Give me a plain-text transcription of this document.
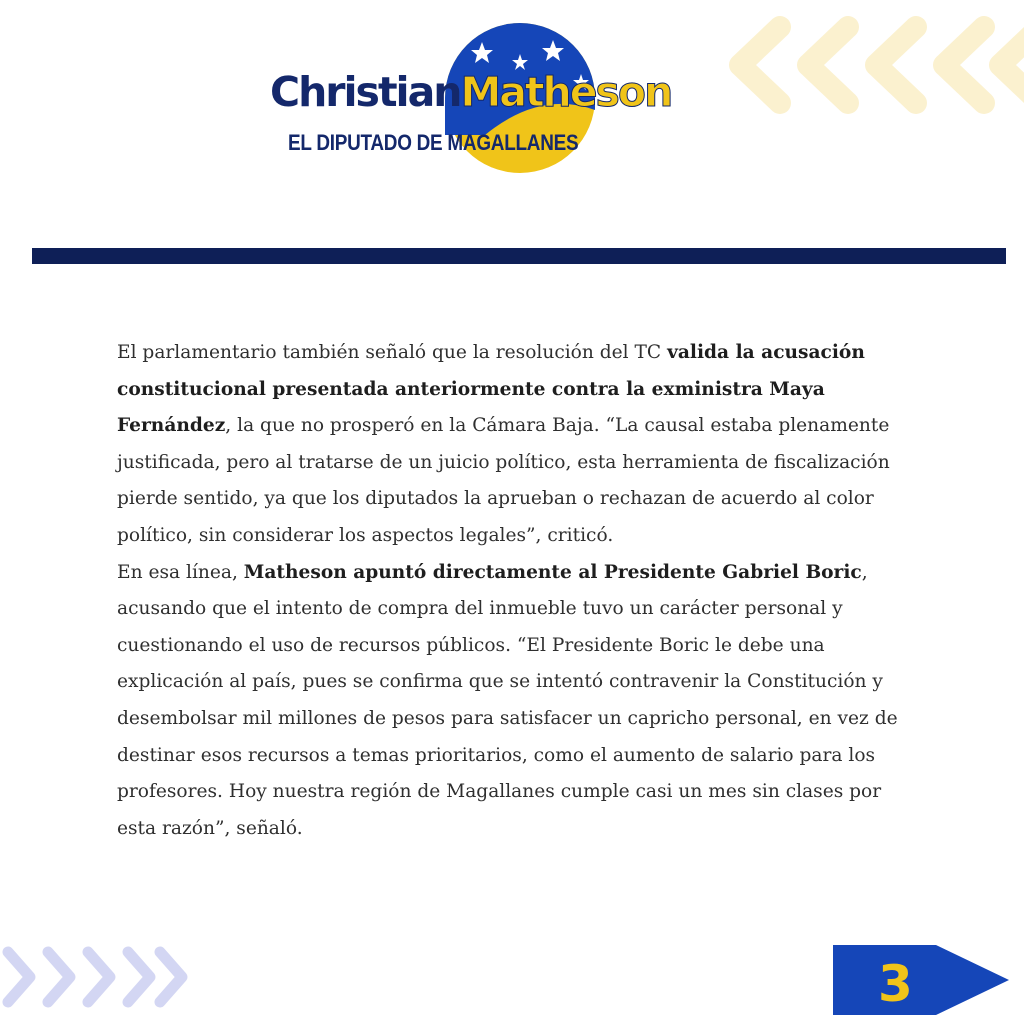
ChristianMatheson
EL DIPUTADO DE MAGALLANES

El parlamentario también señaló que la resolución del TC valida la acusación constitucional presentada anteriormente contra la exministra Maya Fernández, la que no prosperó en la Cámara Baja. “La causal estaba plenamente justificada, pero al tratarse de un juicio político, esta herramienta de fiscalización pierde sentido, ya que los diputados la aprueban o rechazan de acuerdo al color político, sin considerar los aspectos legales”, criticó.

En esa línea, Matheson apuntó directamente al Presidente Gabriel Boric, acusando que el intento de compra del inmueble tuvo un carácter personal y cuestionando el uso de recursos públicos. “El Presidente Boric le debe una explicación al país, pues se confirma que se intentó contravenir la Constitución y desembolsar mil millones de pesos para satisfacer un capricho personal, en vez de destinar esos recursos a temas prioritarios, como el aumento de salario para los profesores. Hoy nuestra región de Magallanes cumple casi un mes sin clases por esta razón”, señaló.

3
